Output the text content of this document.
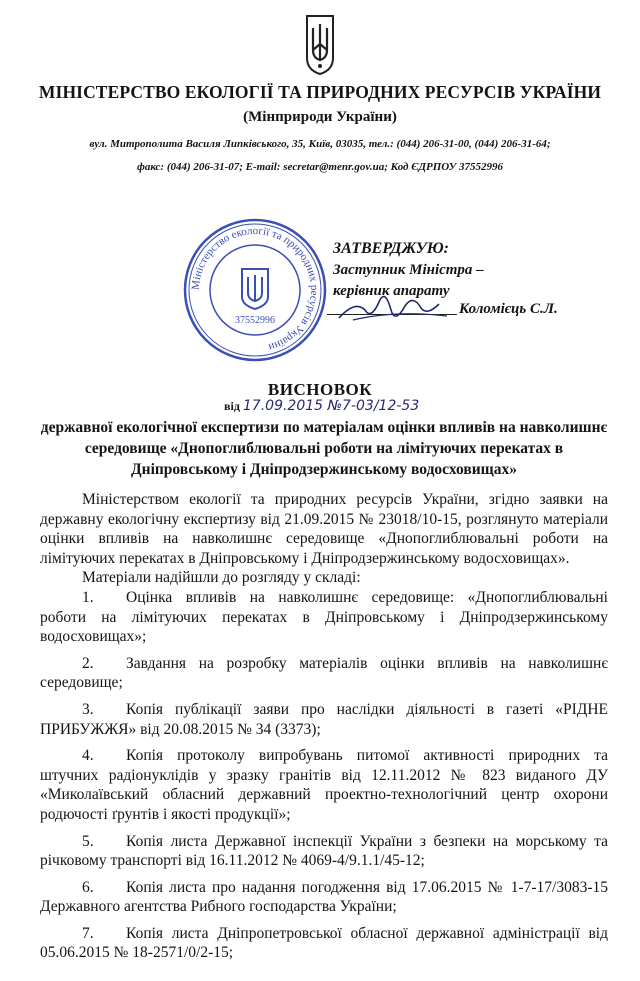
МІНІСТЕРСТВО ЕКОЛОГІЇ ТА ПРИРОДНИХ РЕСУРСІВ УКРАЇНИ
(Мінприроди України)
вул. Митрополита Василя Липківського, 35, Київ, 03035, тел.: (044) 206-31-00, (044) 206-31-64;
факс: (044) 206-31-07; E-mail: secretar@menr.gov.ua; Код ЄДРПОУ 37552996
Міністерство екології та природних ресурсів України
37552996
ЗАТВЕРДЖУЮ:
Заступник Міністра –
керівник апарату
Коломієць С.Л.
ВИСНОВОК
від 17.09.2015 №7-03/12-53
державної екологічної експертизи по матеріалам оцінки впливів на навколишнє середовище «Днопоглиблювальні роботи на лімітуючих перекатах в Дніпровському і Дніпродзержинському водосховищах»

Міністерством екології та природних ресурсів України, згідно заявки на державну екологічну експертизу від 21.09.2015 № 23018/10-15, розглянуто матеріали оцінки впливів на навколишнє середовище «Днопоглиблювальні роботи на лімітуючих перекатах в Дніпровському і Дніпродзержинському водосховищах».

Матеріали надійшли до розгляду у складі:

1. Оцінка впливів на навколишнє середовище: «Днопоглиблювальні роботи на лімітуючих перекатах в Дніпровському і Дніпродзержинському водосховищах»;

2. Завдання на розробку матеріалів оцінки впливів на навколишнє середовище;

3. Копія публікації заяви про наслідки діяльності в газеті «РІДНЕ ПРИБУЖЖЯ» від 20.08.2015 № 34 (3373);

4. Копія протоколу випробувань питомої активності природних та штучних радіонуклідів у зразку гранітів від 12.11.2012 № 823 виданого ДУ «Миколаївський обласний державний проектно-технологічний центр охорони родючості ґрунтів і якості продукції»;

5. Копія листа Державної інспекції України з безпеки на морському та річковому транспорті від 16.11.2012 № 4069-4/9.1.1/45-12;

6. Копія листа про надання погодження від 17.06.2015 № 1-7-17/3083-15 Державного агентства Рибного господарства України;

7. Копія листа Дніпропетровської обласної державної адміністрації від 05.06.2015 № 18-2571/0/2-15;
